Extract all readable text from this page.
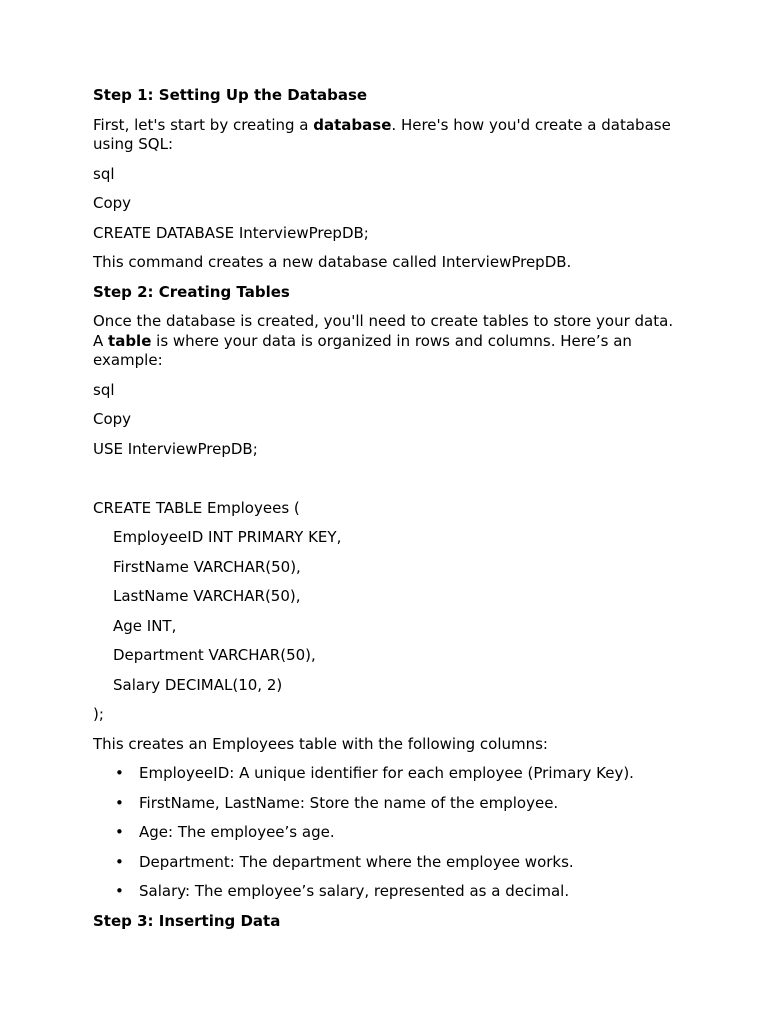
Step 1: Setting Up the Database

First, let's start by creating a database. Here's how you'd create a database using SQL:

sql

Copy

CREATE DATABASE InterviewPrepDB;

This command creates a new database called InterviewPrepDB.

Step 2: Creating Tables

Once the database is created, you'll need to create tables to store your data. A table is where your data is organized in rows and columns. Here’s an example:

sql

Copy

USE InterviewPrepDB;

CREATE TABLE Employees (

EmployeeID INT PRIMARY KEY,

FirstName VARCHAR(50),

LastName VARCHAR(50),

Age INT,

Department VARCHAR(50),

Salary DECIMAL(10, 2)

);

This creates an Employees table with the following columns:

• EmployeeID: A unique identifier for each employee (Primary Key).
• FirstName, LastName: Store the name of the employee.
• Age: The employee’s age.
• Department: The department where the employee works.
• Salary: The employee’s salary, represented as a decimal.

Step 3: Inserting Data
